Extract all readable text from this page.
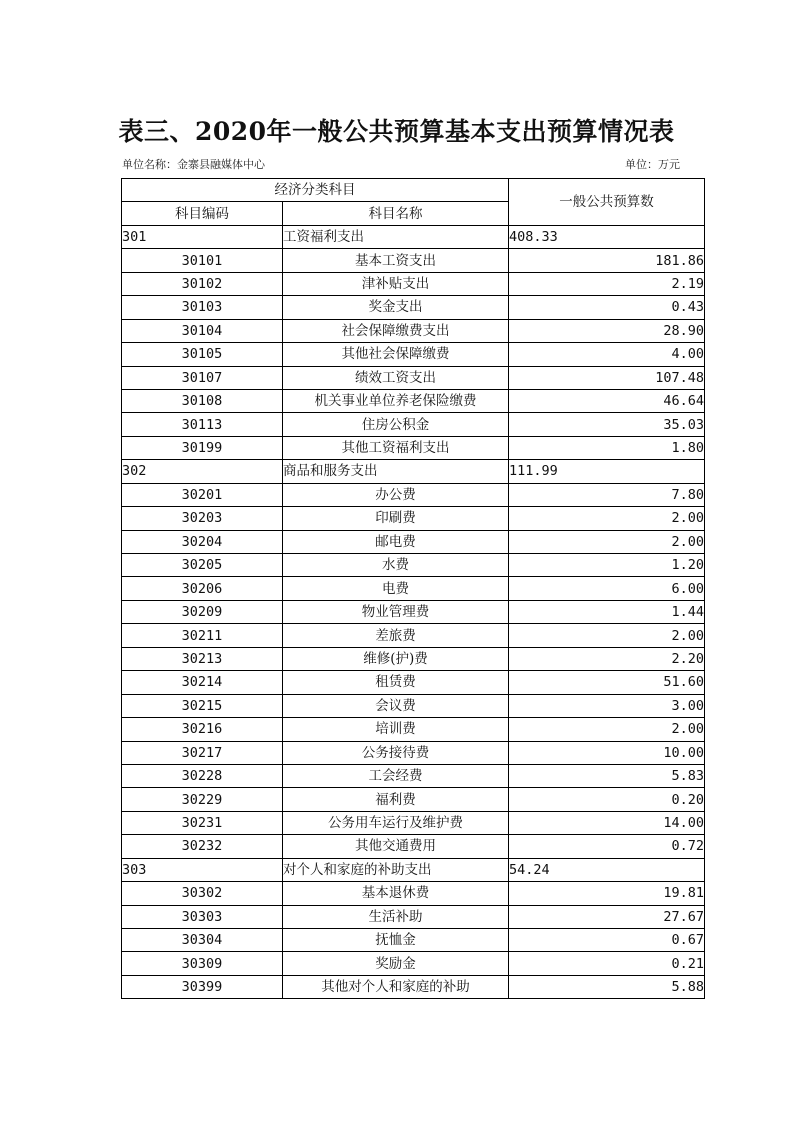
表三、2020年一般公共预算基本支出预算情况表
单位名称：金寨县融媒体中心	单位：万元
经济分类科目		一般公共预算数
科目编码	科目名称	
301	工资福利支出	408.33
30101	基本工资支出	181.86
30102	津补贴支出	2.19
30103	奖金支出	0.43
30104	社会保障缴费支出	28.90
30105	其他社会保障缴费	4.00
30107	绩效工资支出	107.48
30108	机关事业单位养老保险缴费	46.64
30113	住房公积金	35.03
30199	其他工资福利支出	1.80
302	商品和服务支出	111.99
30201	办公费	7.80
30203	印刷费	2.00
30204	邮电费	2.00
30205	水费	1.20
30206	电费	6.00
30209	物业管理费	1.44
30211	差旅费	2.00
30213	维修(护)费	2.20
30214	租赁费	51.60
30215	会议费	3.00
30216	培训费	2.00
30217	公务接待费	10.00
30228	工会经费	5.83
30229	福利费	0.20
30231	公务用车运行及维护费	14.00
30232	其他交通费用	0.72
303	对个人和家庭的补助支出	54.24
30302	基本退休费	19.81
30303	生活补助	27.67
30304	抚恤金	0.67
30309	奖励金	0.21
30399	其他对个人和家庭的补助	5.88
